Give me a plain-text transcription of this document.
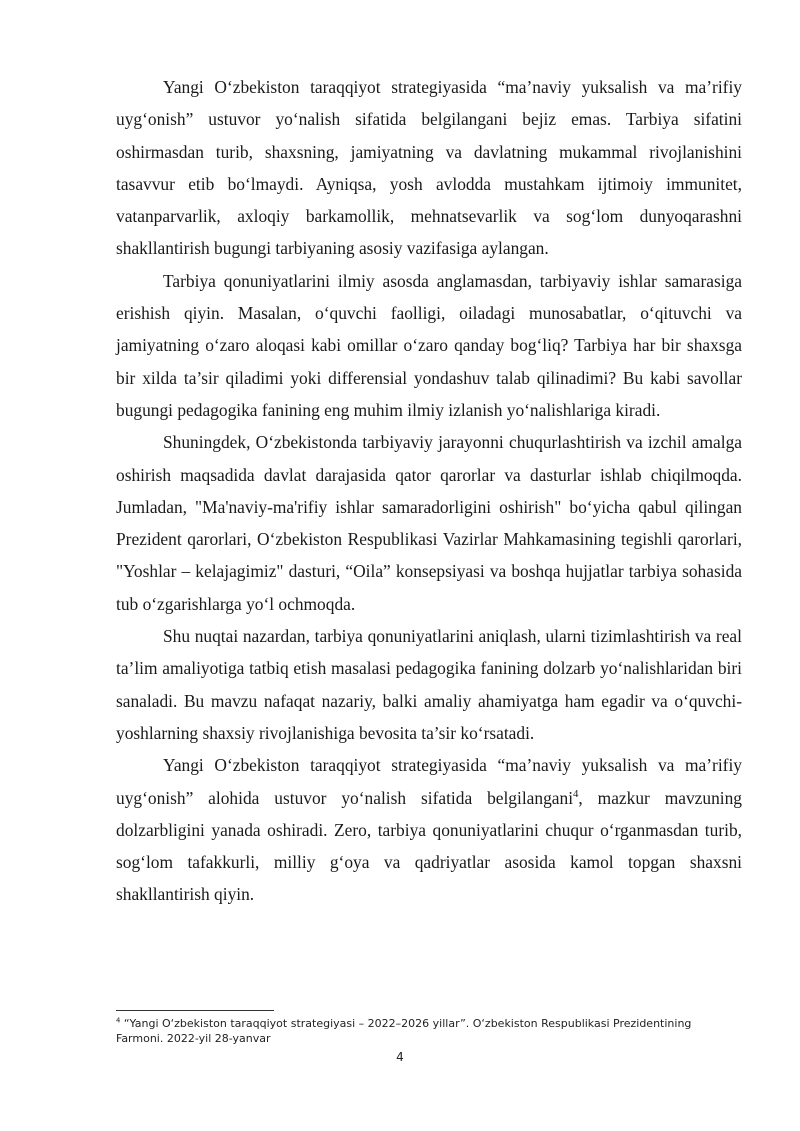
Yangi O‘zbekiston taraqqiyot strategiyasida “ma’naviy yuksalish va ma’rifiy uyg‘onish” ustuvor yo‘nalish sifatida belgilangani bejiz emas. Tarbiya sifatini oshirmasdan turib, shaxsning, jamiyatning va davlatning mukammal rivojlanishini tasavvur etib bo‘lmaydi. Ayniqsa, yosh avlodda mustahkam ijtimoiy immunitet, vatanparvarlik, axloqiy barkamollik, mehnatsevarlik va sog‘lom dunyoqarashni shakllantirish bugungi tarbiyaning asosiy vazifasiga aylangan.

Tarbiya qonuniyatlarini ilmiy asosda anglamasdan, tarbiyaviy ishlar samarasiga erishish qiyin. Masalan, o‘quvchi faolligi, oiladagi munosabatlar, o‘qituvchi va jamiyatning o‘zaro aloqasi kabi omillar o‘zaro qanday bog‘liq? Tarbiya har bir shaxsga bir xilda ta’sir qiladimi yoki differensial yondashuv talab qilinadimi? Bu kabi savollar bugungi pedagogika fanining eng muhim ilmiy izlanish yo‘nalishlariga kiradi.

Shuningdek, O‘zbekistonda tarbiyaviy jarayonni chuqurlashtirish va izchil amalga oshirish maqsadida davlat darajasida qator qarorlar va dasturlar ishlab chiqilmoqda. Jumladan, "Ma'naviy-ma'rifiy ishlar samaradorligini oshirish" bo‘yicha qabul qilingan Prezident qarorlari, O‘zbekiston Respublikasi Vazirlar Mahkamasining tegishli qarorlari, "Yoshlar – kelajagimiz" dasturi, “Oila” konsepsiyasi va boshqa hujjatlar tarbiya sohasida tub o‘zgarishlarga yo‘l ochmoqda.

Shu nuqtai nazardan, tarbiya qonuniyatlarini aniqlash, ularni tizimlashtirish va real ta’lim amaliyotiga tatbiq etish masalasi pedagogika fanining dolzarb yo‘nalishlaridan biri sanaladi. Bu mavzu nafaqat nazariy, balki amaliy ahamiyatga ham egadir va o‘quvchi-yoshlarning shaxsiy rivojlanishiga bevosita ta’sir ko‘rsatadi.

Yangi O‘zbekiston taraqqiyot strategiyasida “ma’naviy yuksalish va ma’rifiy uyg‘onish” alohida ustuvor yo‘nalish sifatida belgilangani$^4$, mazkur mavzuning dolzarbligini yanada oshiradi. Zero, tarbiya qonuniyatlarini chuqur o‘rganmasdan turib, sog‘lom tafakkurli, milliy g‘oya va qadriyatlar asosida kamol topgan shaxsni shakllantirish qiyin.

$^4$ “Yangi O‘zbekiston taraqqiyot strategiyasi – 2022–2026 yillar”. O‘zbekiston Respublikasi Prezidentining Farmoni. 2022-yil 28-yanvar
4
